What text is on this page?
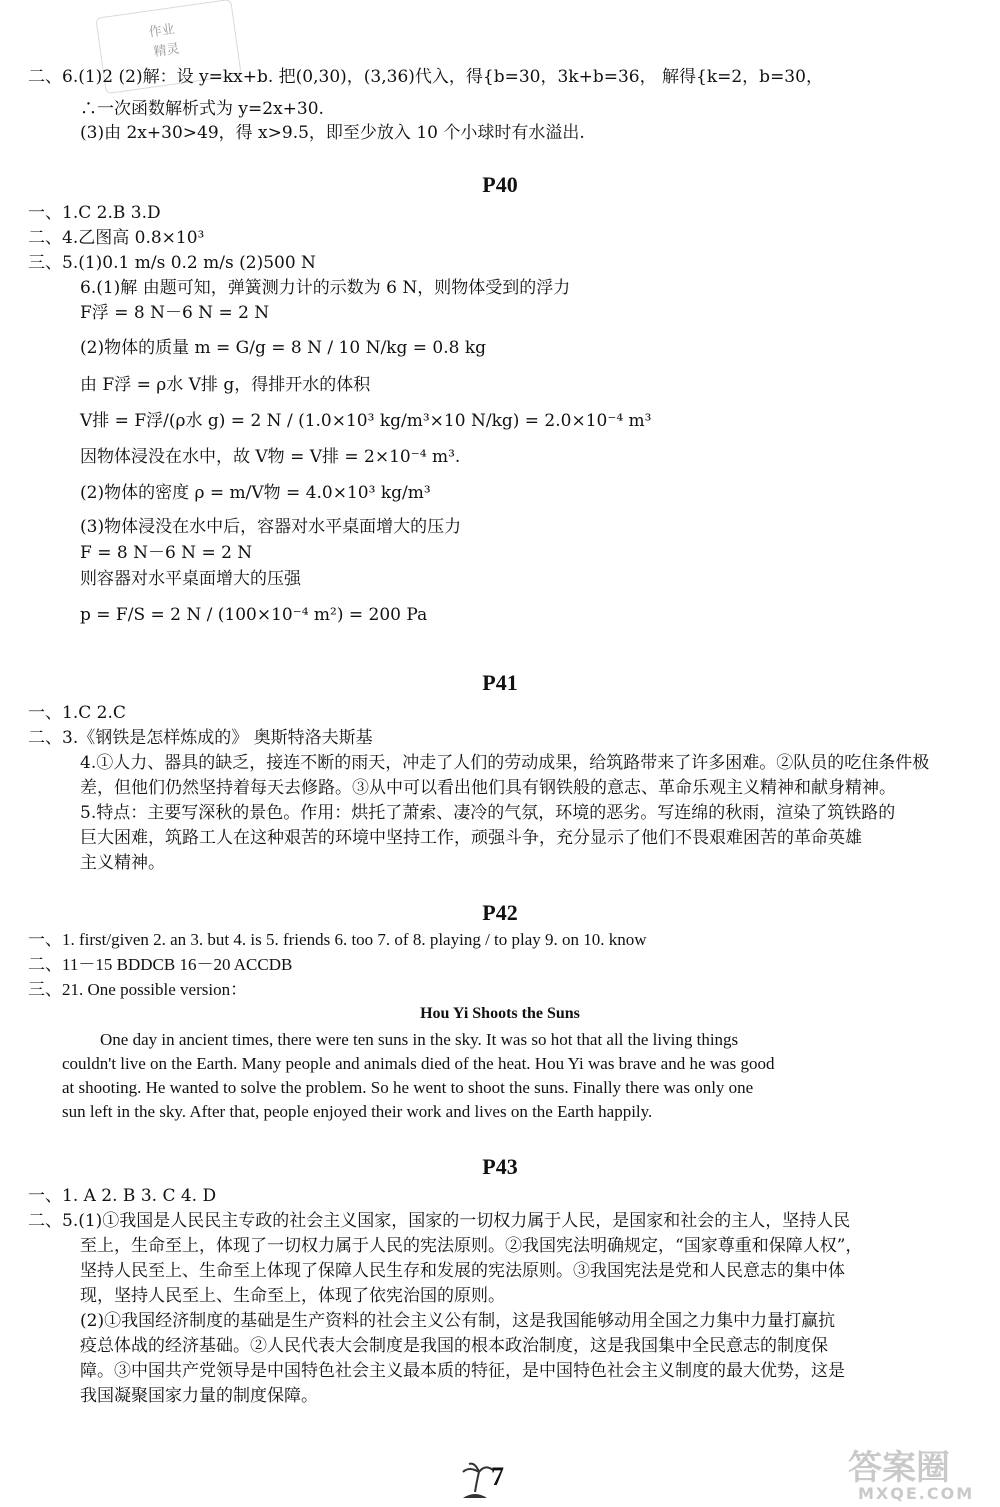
作业
精灵
二、6.(1)2 (2)解：设 y=kx+b. 把(0,30)，(3,36)代入，得{b=30，3k+b=36， 解得{k=2，b=30，
∴一次函数解析式为 y=2x+30.
(3)由 2x+30>49，得 x>9.5，即至少放入 10 个小球时有水溢出.
P40
一、1.C 2.B 3.D
二、4.乙图高 0.8×10³
三、5.(1)0.1 m/s 0.2 m/s (2)500 N
6.(1)解 由题可知，弹簧测力计的示数为 6 N，则物体受到的浮力
F浮 = 8 N－6 N = 2 N
(2)物体的质量 m = G/g = 8 N / 10 N/kg = 0.8 kg
由 F浮 = ρ水 V排 g，得排开水的体积
V排 = F浮/(ρ水 g) = 2 N / (1.0×10³ kg/m³×10 N/kg) = 2.0×10⁻⁴ m³
因物体浸没在水中，故 V物 = V排 = 2×10⁻⁴ m³.
(2)物体的密度 ρ = m/V物 = 4.0×10³ kg/m³
(3)物体浸没在水中后，容器对水平桌面增大的压力
F = 8 N－6 N = 2 N
则容器对水平桌面增大的压强
p = F/S = 2 N / (100×10⁻⁴ m²) = 200 Pa
P41
一、1.C 2.C
二、3.《钢铁是怎样炼成的》 奥斯特洛夫斯基
4.①人力、器具的缺乏，接连不断的雨天，冲走了人们的劳动成果，给筑路带来了许多困难。②队员的吃住条件极
差，但他们仍然坚持着每天去修路。③从中可以看出他们具有钢铁般的意志、革命乐观主义精神和献身精神。
5.特点：主要写深秋的景色。作用：烘托了萧索、凄冷的气氛，环境的恶劣。写连绵的秋雨，渲染了筑铁路的
巨大困难，筑路工人在这种艰苦的环境中坚持工作，顽强斗争，充分显示了他们不畏艰难困苦的革命英雄
主义精神。
P42
一、1. first/given 2. an 3. but 4. is 5. friends 6. too 7. of 8. playing / to play 9. on 10. know
二、11－15 BDDCB 16－20 ACCDB
三、21. One possible version：
Hou Yi Shoots the Suns
One day in ancient times, there were ten suns in the sky. It was so hot that all the living things
couldn't live on the Earth. Many people and animals died of the heat. Hou Yi was brave and he was good
at shooting. He wanted to solve the problem. So he went to shoot the suns. Finally there was only one
sun left in the sky. After that, people enjoyed their work and lives on the Earth happily.
P43
一、1. A 2. B 3. C 4. D
二、5.(1)①我国是人民民主专政的社会主义国家，国家的一切权力属于人民，是国家和社会的主人，坚持人民
至上，生命至上，体现了一切权力属于人民的宪法原则。②我国宪法明确规定，“国家尊重和保障人权”，
坚持人民至上、生命至上体现了保障人民生存和发展的宪法原则。③我国宪法是党和人民意志的集中体
现，坚持人民至上、生命至上，体现了依宪治国的原则。
(2)①我国经济制度的基础是生产资料的社会主义公有制，这是我国能够动用全国之力集中力量打赢抗
疫总体战的经济基础。②人民代表大会制度是我国的根本政治制度，这是我国集中全民意志的制度保
障。③中国共产党领导是中国特色社会主义最本质的特征，是中国特色社会主义制度的最大优势，这是
我国凝聚国家力量的制度保障。
7	答案圈
MXQE.COM
